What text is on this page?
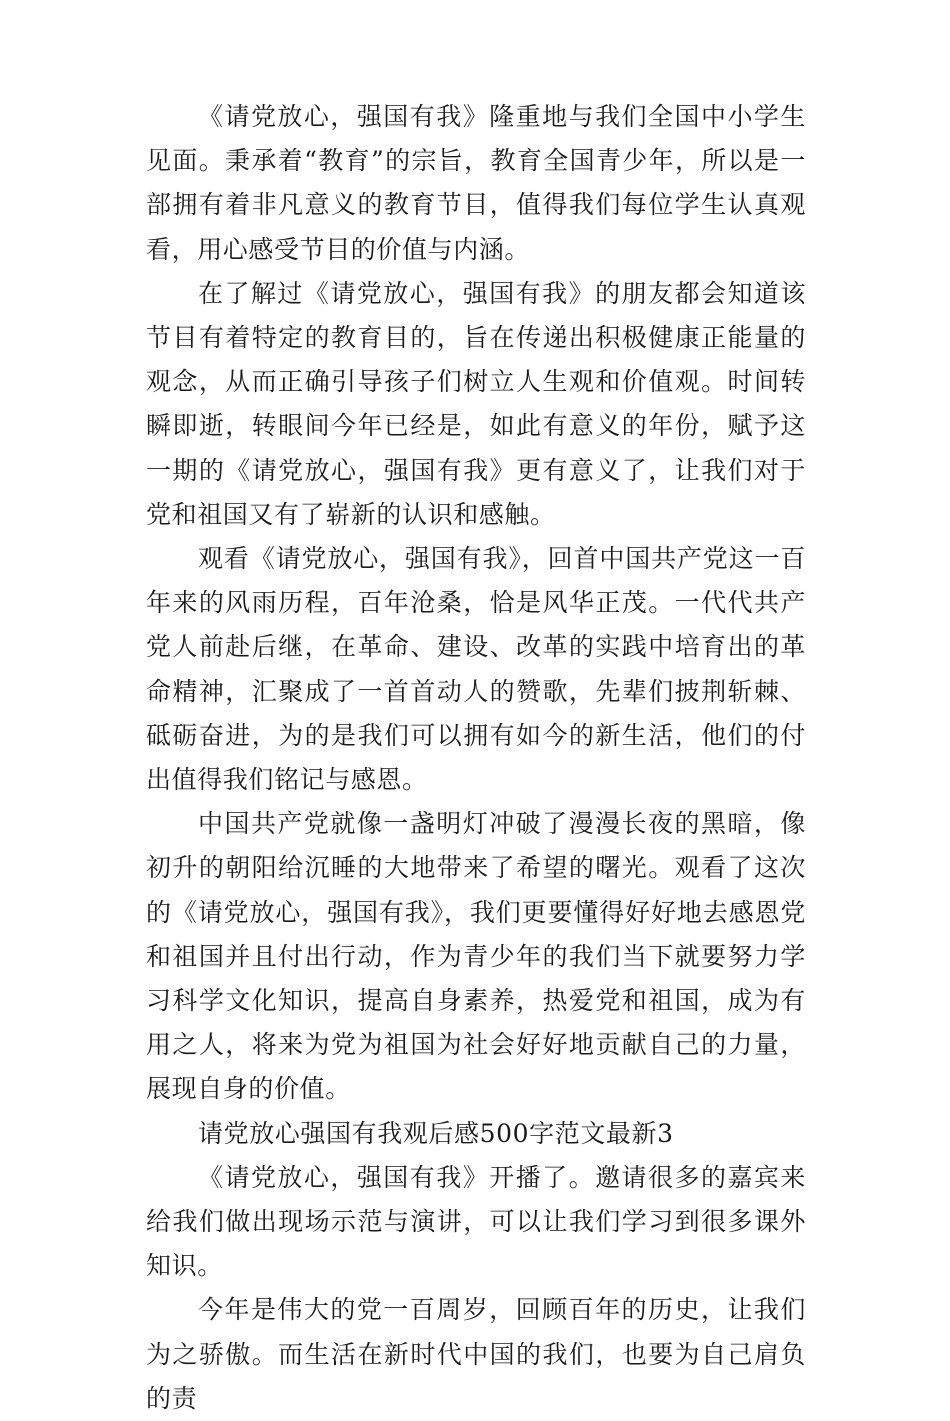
《请党放心，强国有我》隆重地与我们全国中小学生见面。秉承着“教育”的宗旨，教育全国青少年，所以是一部拥有着非凡意义的教育节目，值得我们每位学生认真观看，用心感受节目的价值与内涵。

在了解过《请党放心，强国有我》的朋友都会知道该节目有着特定的教育目的，旨在传递出积极健康正能量的观念，从而正确引导孩子们树立人生观和价值观。时间转瞬即逝，转眼间今年已经是，如此有意义的年份，赋予这一期的《请党放心，强国有我》更有意义了，让我们对于党和祖国又有了崭新的认识和感触。

观看《请党放心，强国有我》，回首中国共产党这一百年来的风雨历程，百年沧桑，恰是风华正茂。一代代共产党人前赴后继，在革命、建设、改革的实践中培育出的革命精神，汇聚成了一首首动人的赞歌，先辈们披荆斩棘、砥砺奋进，为的是我们可以拥有如今的新生活，他们的付出值得我们铭记与感恩。

中国共产党就像一盏明灯冲破了漫漫长夜的黑暗，像初升的朝阳给沉睡的大地带来了希望的曙光。观看了这次的《请党放心，强国有我》，我们更要懂得好好地去感恩党和祖国并且付出行动，作为青少年的我们当下就要努力学习科学文化知识，提高自身素养，热爱党和祖国，成为有用之人，将来为党为祖国为社会好好地贡献自己的力量，展现自身的价值。

请党放心强国有我观后感500字范文最新3

《请党放心，强国有我》开播了。邀请很多的嘉宾来给我们做出现场示范与演讲，可以让我们学习到很多课外知识。

今年是伟大的党一百周岁，回顾百年的历史，让我们为之骄傲。而生活在新时代中国的我们，也要为自己肩负的责
